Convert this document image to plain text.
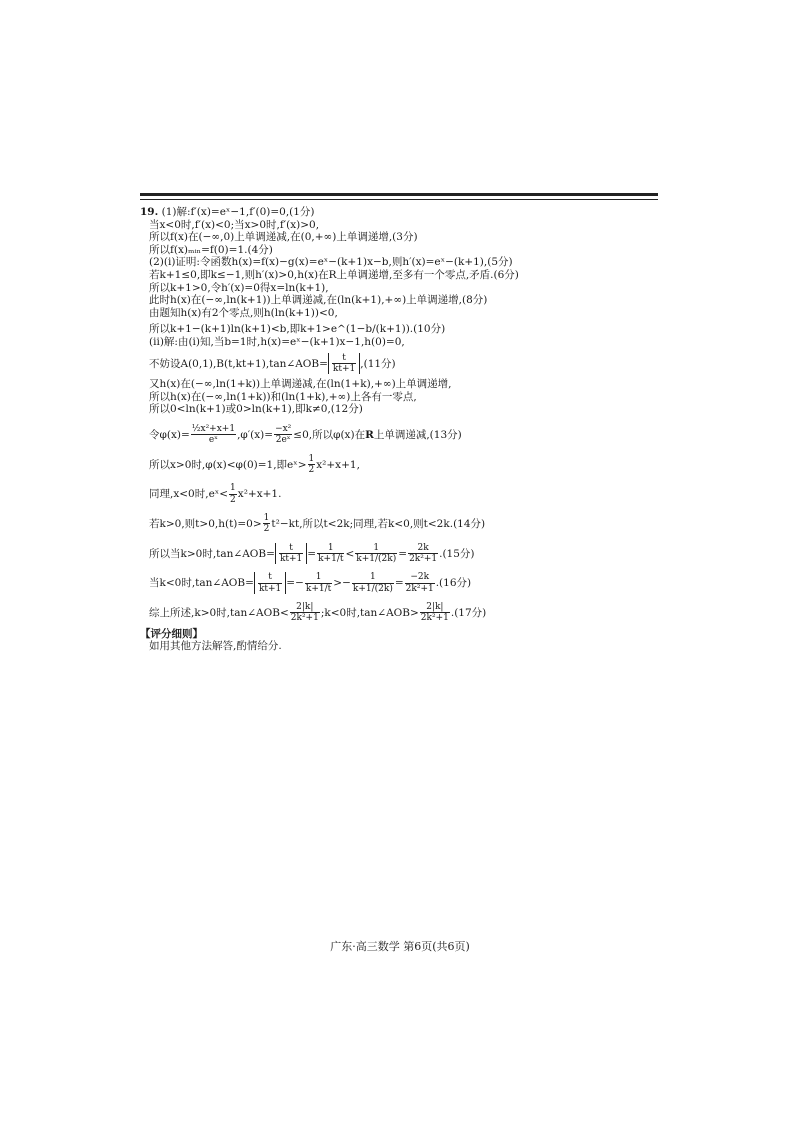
19. (1)解:f′(x)=eˣ−1,f′(0)=0,(1分)

当x<0时,f′(x)<0;当x>0时,f′(x)>0,

所以f(x)在(−∞,0)上单调递减,在(0,+∞)上单调递增,(3分)

所以f(x)ₘᵢₙ=f(0)=1.(4分)

(2)(i)证明:令函数h(x)=f(x)−g(x)=eˣ−(k+1)x−b,则h′(x)=eˣ−(k+1),(5分)

若k+1≤0,即k≤−1,则h′(x)>0,h(x)在R上单调递增,至多有一个零点,矛盾.(6分)

所以k+1>0,令h′(x)=0得x=ln(k+1),

此时h(x)在(−∞,ln(k+1))上单调递减,在(ln(k+1),+∞)上单调递增,(8分)

由题知h(x)有2个零点,则h(ln(k+1))<0,

所以k+1−(k+1)ln(k+1)<b,即k+1>e^(1−b/(k+1)).(10分)

(ii)解:由(i)知,当b=1时,h(x)=eˣ−(k+1)x−1,h(0)=0,

不妨设A(0,1),B(t,kt+1),tan∠AOB= $\frac{t}{kt+1} ,(11$分)

又h(x)在(−∞,ln(1+k))上单调递减,在(ln(1+k),+∞)上单调递增,

所以h(x)在(−∞,ln(1+k))和(ln(1+k),+∞)上各有一零点,

所以0<ln(k+1)或0>ln(k+1),即k≠0,(12分)

令$\varphi(x)= \frac{\text{½x²+x+1}}{\text{eˣ}} ,\varphi'(x)= \frac{\text{−x²}}{\text{2eˣ}} \le 0$,所以φ(x)在R上单调递减,(13分)

所以x>0时,φ(x)<φ(0)=1,即eˣ> $\frac{1}{2} x^2+x+1$,

同理,x<0时,eˣ< $\frac{1}{2} x^2+x+1$.

若k>0,则$t>0,h(t)=0> \frac{1}{2} t^2-kt$,所以t<2k;同理,若k<0,则t<2k.(14分)

所以当k>0时,tan∠AOB= $\frac{t}{kt+1} = \frac{1}{k+1/t} < \frac{1}{k+1/(2k)} = \frac{2k}{\text{2k²+1}} .(15$分)

当k<0时,tan∠AOB= $\frac{t}{kt+1} =- \frac{1}{k+1/t} >- \frac{1}{k+1/(2k)} = \frac{-2k}{\text{2k²+1}} .(16$分)

综上所述,k>0时,tan∠AOB< $\frac{2|k|}{\text{2k²+1}}$ ;k<0时,tan∠AOB> $\frac{2|k|}{\text{2k²+1}} .(17$分)

【评分细则】

如用其他方法解答,酌情给分.

广东·高三数学 第6页(共6页)
